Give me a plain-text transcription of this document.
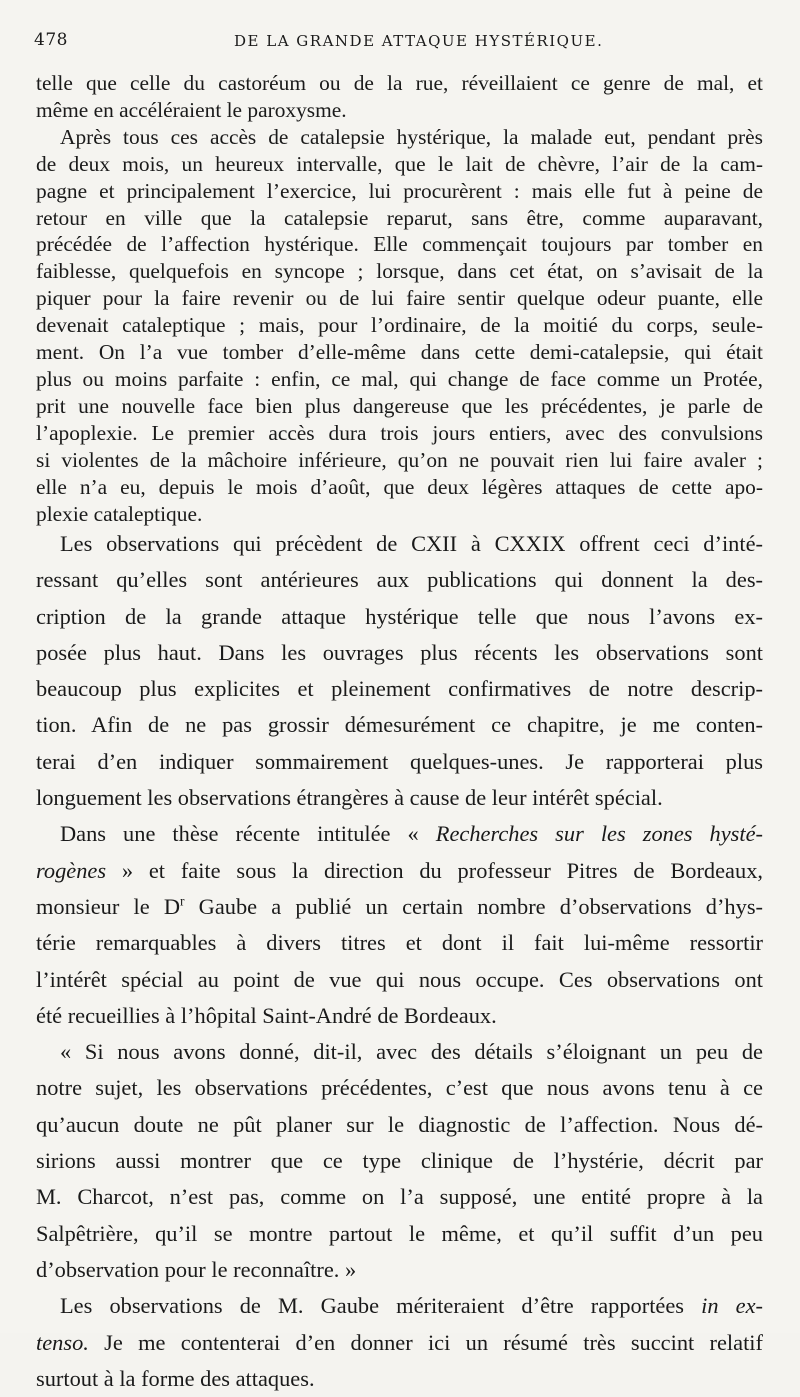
478	DE LA GRANDE ATTAQUE HYSTÉRIQUE.
telle que celle du castoréum ou de la rue, réveillaient ce genre de mal, et
même en accéléraient le paroxysme.
Après tous ces accès de catalepsie hystérique, la malade eut, pendant près
de deux mois, un heureux intervalle, que le lait de chèvre, l’air de la cam-
pagne et principalement l’exercice, lui procurèrent : mais elle fut à peine de
retour en ville que la catalepsie reparut, sans être, comme auparavant,
précédée de l’affection hystérique. Elle commençait toujours par tomber en
faiblesse, quelquefois en syncope ; lorsque, dans cet état, on s’avisait de la
piquer pour la faire revenir ou de lui faire sentir quelque odeur puante, elle
devenait cataleptique ; mais, pour l’ordinaire, de la moitié du corps, seule-
ment. On l’a vue tomber d’elle-même dans cette demi-catalepsie, qui était
plus ou moins parfaite : enfin, ce mal, qui change de face comme un Protée,
prit une nouvelle face bien plus dangereuse que les précédentes, je parle de
l’apoplexie. Le premier accès dura trois jours entiers, avec des convulsions
si violentes de la mâchoire inférieure, qu’on ne pouvait rien lui faire avaler ;
elle n’a eu, depuis le mois d’août, que deux légères attaques de cette apo-
plexie cataleptique.
Les observations qui précèdent de CXII à CXXIX offrent ceci d’inté-
ressant qu’elles sont antérieures aux publications qui donnent la des-
cription de la grande attaque hystérique telle que nous l’avons ex-
posée plus haut. Dans les ouvrages plus récents les observations sont
beaucoup plus explicites et pleinement confirmatives de notre descrip-
tion. Afin de ne pas grossir démesurément ce chapitre, je me conten-
terai d’en indiquer sommairement quelques-unes. Je rapporterai plus
longuement les observations étrangères à cause de leur intérêt spécial.
Dans une thèse récente intitulée « Recherches sur les zones hysté-
rogènes » et faite sous la direction du professeur Pitres de Bordeaux,
monsieur le $D^r$ Gaube a publié un certain nombre d’observations d’hys-
térie remarquables à divers titres et dont il fait lui-même ressortir
l’intérêt spécial au point de vue qui nous occupe. Ces observations ont
été recueillies à l’hôpital Saint-André de Bordeaux.
« Si nous avons donné, dit-il, avec des détails s’éloignant un peu de
notre sujet, les observations précédentes, c’est que nous avons tenu à ce
qu’aucun doute ne pût planer sur le diagnostic de l’affection. Nous dé-
sirions aussi montrer que ce type clinique de l’hystérie, décrit par
M. Charcot, n’est pas, comme on l’a supposé, une entité propre à la
Salpêtrière, qu’il se montre partout le même, et qu’il suffit d’un peu
d’observation pour le reconnaître. »
Les observations de M. Gaube mériteraient d’être rapportées in ex-
tenso. Je me contenterai d’en donner ici un résumé très succint relatif
surtout à la forme des attaques.
